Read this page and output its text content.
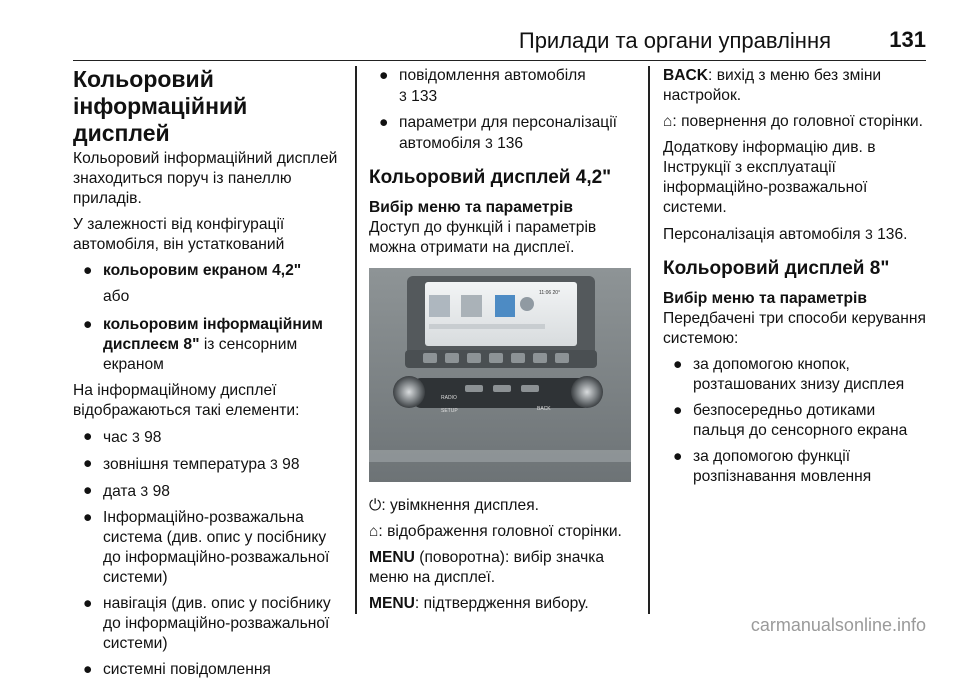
Прилади та органи управління	131
Кольоровий інформаційний дисплей

Кольоровий інформаційний дисплей знаходиться поруч із панеллю приладів.

У залежності від конфігурації автомобіля, він устаткований

● кольоровим екраном 4,2"
або
● кольоровим інформаційним дисплеєм 8" із сенсорним екраном

На інформаційному дисплеї відображаються такі елементи:

● час 3 98
● зовнішня температура 3 98
● дата 3 98
● Інформаційно-розважальна система (див. опис у посібнику до інформаційно-розважальної системи)
● навігація (див. опис у посібнику до інформаційно-розважальної системи)
● системні повідомлення
● повідомлення автомобіля
3 133
● параметри для персоналізації автомобіля 3 136
Кольоровий дисплей 4,2"
Вибір меню та параметрів

Доступ до функцій і параметрів можна отримати на дисплеї.

11:06 20°
RADIO
SETUP	BACK

⏻: увімкнення дисплея.

⌂: відображення головної сторінки.

MENU (поворотна): вибір значка меню на дисплеї.

MENU: підтвердження вибору.

BACK: вихід з меню без зміни настройок.

⌂: повернення до головної сторінки.

Додаткову інформацію див. в Інструкції з експлуатації інформаційно-розважальної системи.

Персоналізація автомобіля 3 136.

Кольоровий дисплей 8"
Вибір меню та параметрів

Передбачені три способи керування системою:

● за допомогою кнопок, розташованих знизу дисплея
● безпосередньо дотиками пальця до сенсорного екрана
● за допомогою функції розпізнавання мовлення
carmanualsonline.info
